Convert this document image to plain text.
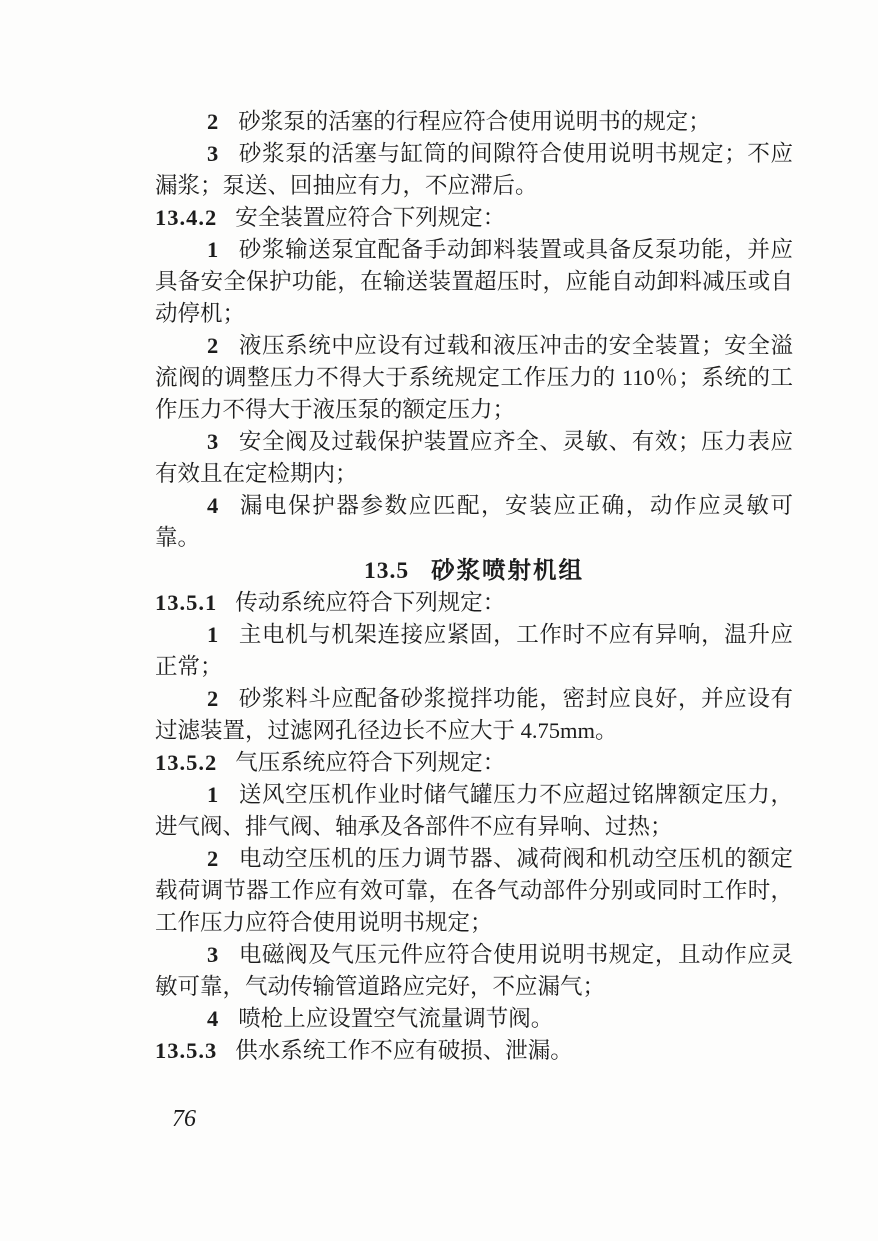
2 砂浆泵的活塞的行程应符合使用说明书的规定；

3 砂浆泵的活塞与缸筒的间隙符合使用说明书规定；不应漏浆；泵送、回抽应有力，不应滞后。

13.4.2 安全装置应符合下列规定：

1 砂浆输送泵宜配备手动卸料装置或具备反泵功能，并应具备安全保护功能，在输送装置超压时，应能自动卸料减压或自动停机；

2 液压系统中应设有过载和液压冲击的安全装置；安全溢流阀的调整压力不得大于系统规定工作压力的 110％；系统的工作压力不得大于液压泵的额定压力；

3 安全阀及过载保护装置应齐全、灵敏、有效；压力表应有效且在定检期内；

4 漏电保护器参数应匹配，安装应正确，动作应灵敏可靠。

13.5 砂浆喷射机组

13.5.1 传动系统应符合下列规定：

1 主电机与机架连接应紧固，工作时不应有异响，温升应正常；

2 砂浆料斗应配备砂浆搅拌功能，密封应良好，并应设有过滤装置，过滤网孔径边长不应大于 4.75mm。

13.5.2 气压系统应符合下列规定：

1 送风空压机作业时储气罐压力不应超过铭牌额定压力，进气阀、排气阀、轴承及各部件不应有异响、过热；

2 电动空压机的压力调节器、减荷阀和机动空压机的额定载荷调节器工作应有效可靠，在各气动部件分别或同时工作时，工作压力应符合使用说明书规定；

3 电磁阀及气压元件应符合使用说明书规定，且动作应灵敏可靠，气动传输管道路应完好，不应漏气；

4 喷枪上应设置空气流量调节阀。

13.5.3 供水系统工作不应有破损、泄漏。

76
